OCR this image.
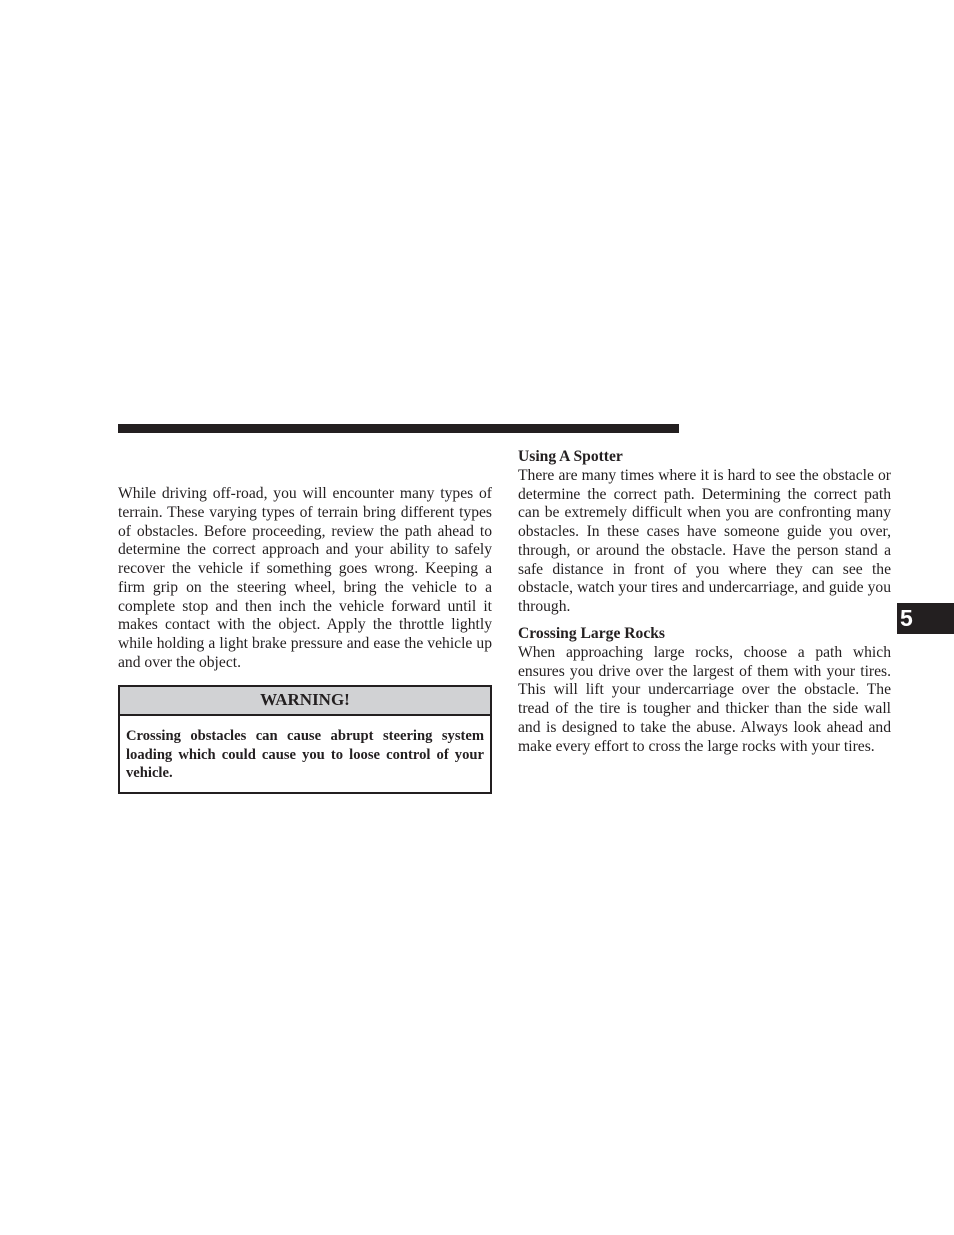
While driving off-road, you will encounter many types of terrain. These varying types of terrain bring different types of obstacles. Before proceeding, review the path ahead to determine the correct approach and your ability to safely recover the vehicle if something goes wrong. Keeping a firm grip on the steering wheel, bring the vehicle to a complete stop and then inch the vehicle forward until it makes contact with the object. Apply the throttle lightly while holding a light brake pressure and ease the vehicle up and over the object.

WARNING!

Crossing obstacles can cause abrupt steering system loading which could cause you to loose control of your vehicle.

Using A Spotter

There are many times where it is hard to see the obstacle or determine the correct path. Determining the correct path can be extremely difficult when you are confronting many obstacles. In these cases have someone guide you over, through, or around the obstacle. Have the person stand a safe distance in front of you where they can see the obstacle, watch your tires and undercarriage, and guide you through.

Crossing Large Rocks

When approaching large rocks, choose a path which ensures you drive over the largest of them with your tires. This will lift your undercarriage over the obstacle. The tread of the tire is tougher and thicker than the side wall and is designed to take the abuse. Always look ahead and make every effort to cross the large rocks with your tires.

5
